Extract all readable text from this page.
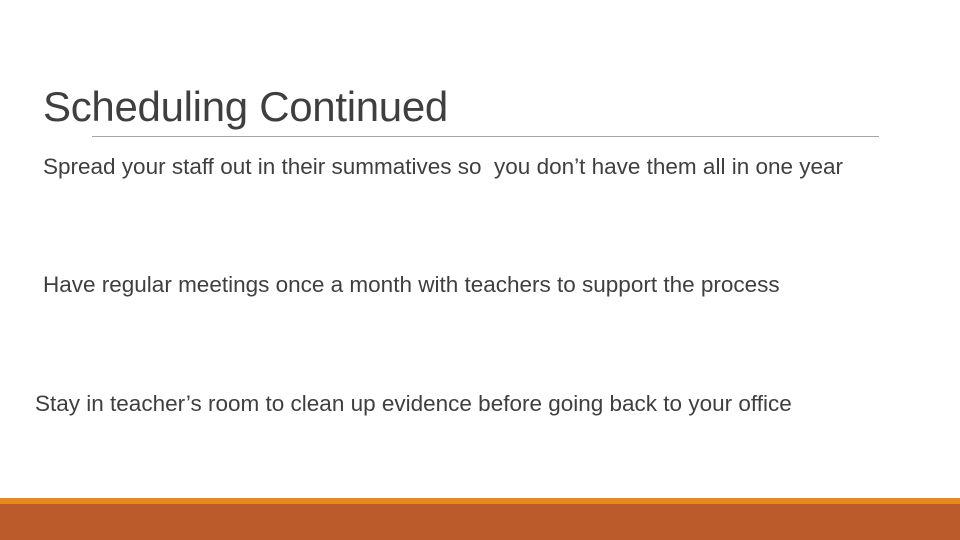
Scheduling Continued
Spread your staff out in their summatives so  you don’t have them all in one year
Have regular meetings once a month with teachers to support the process
Stay in teacher’s room to clean up evidence before going back to your office
